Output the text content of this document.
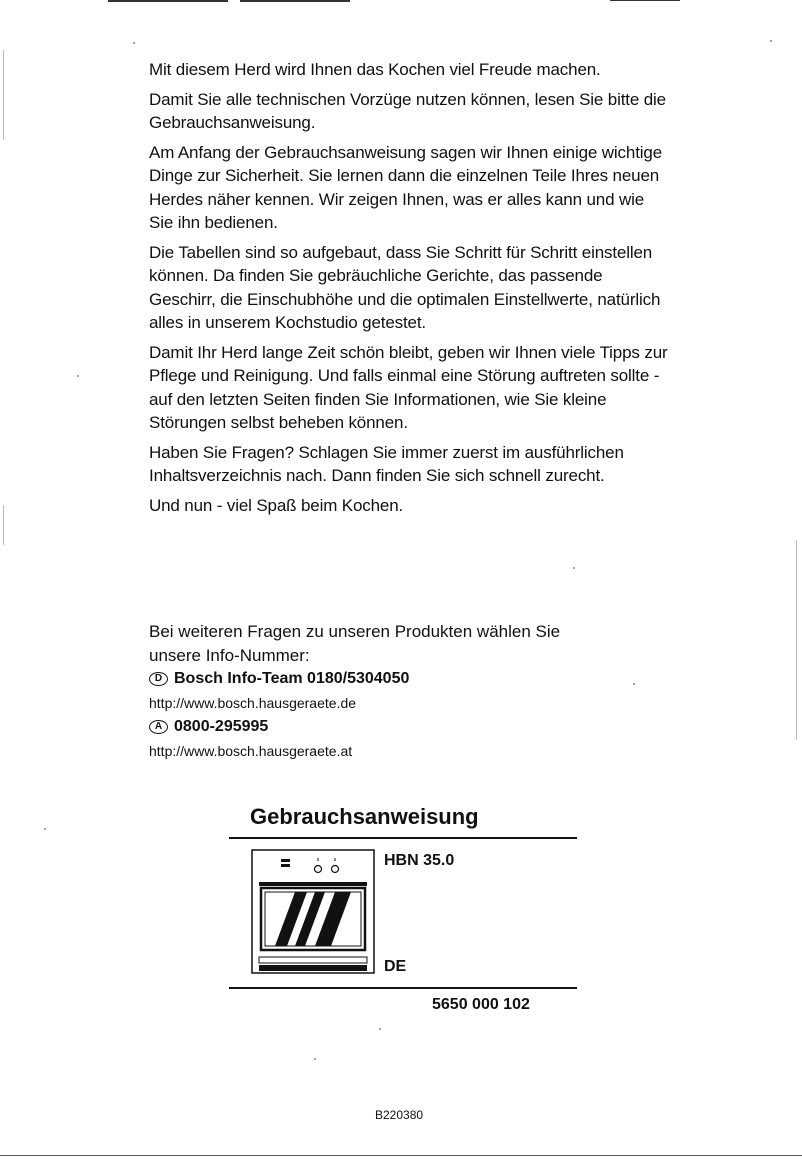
Mit diesem Herd wird Ihnen das Kochen viel Freude machen.

Damit Sie alle technischen Vorzüge nutzen können, lesen Sie bitte die Gebrauchsanweisung.

Am Anfang der Gebrauchsanweisung sagen wir Ihnen einige wichtige Dinge zur Sicherheit. Sie lernen dann die einzelnen Teile Ihres neuen Herdes näher kennen. Wir zeigen Ihnen, was er alles kann und wie Sie ihn bedienen.

Die Tabellen sind so aufgebaut, dass Sie Schritt für Schritt einstellen können. Da finden Sie gebräuchliche Gerichte, das passende Geschirr, die Einschubhöhe und die optimalen Einstellwerte, natürlich alles in unserem Kochstudio getestet.

Damit Ihr Herd lange Zeit schön bleibt, geben wir Ihnen viele Tipps zur Pflege und Reinigung. Und falls einmal eine Störung auftreten sollte - auf den letzten Seiten finden Sie Informationen, wie Sie kleine Störungen selbst beheben können.

Haben Sie Fragen? Schlagen Sie immer zuerst im ausführlichen Inhaltsverzeichnis nach. Dann finden Sie sich schnell zurecht.

Und nun - viel Spaß beim Kochen.

Bei weiteren Fragen zu unseren Produkten wählen Sie
unsere Info-Nummer:
D Bosch Info-Team 0180/5304050
http://www.bosch.hausgeraete.de
A 0800-295995
http://www.bosch.hausgeraete.at
Gebrauchsanweisung
HBN 35.0
DE
5650 000 102
B220380
